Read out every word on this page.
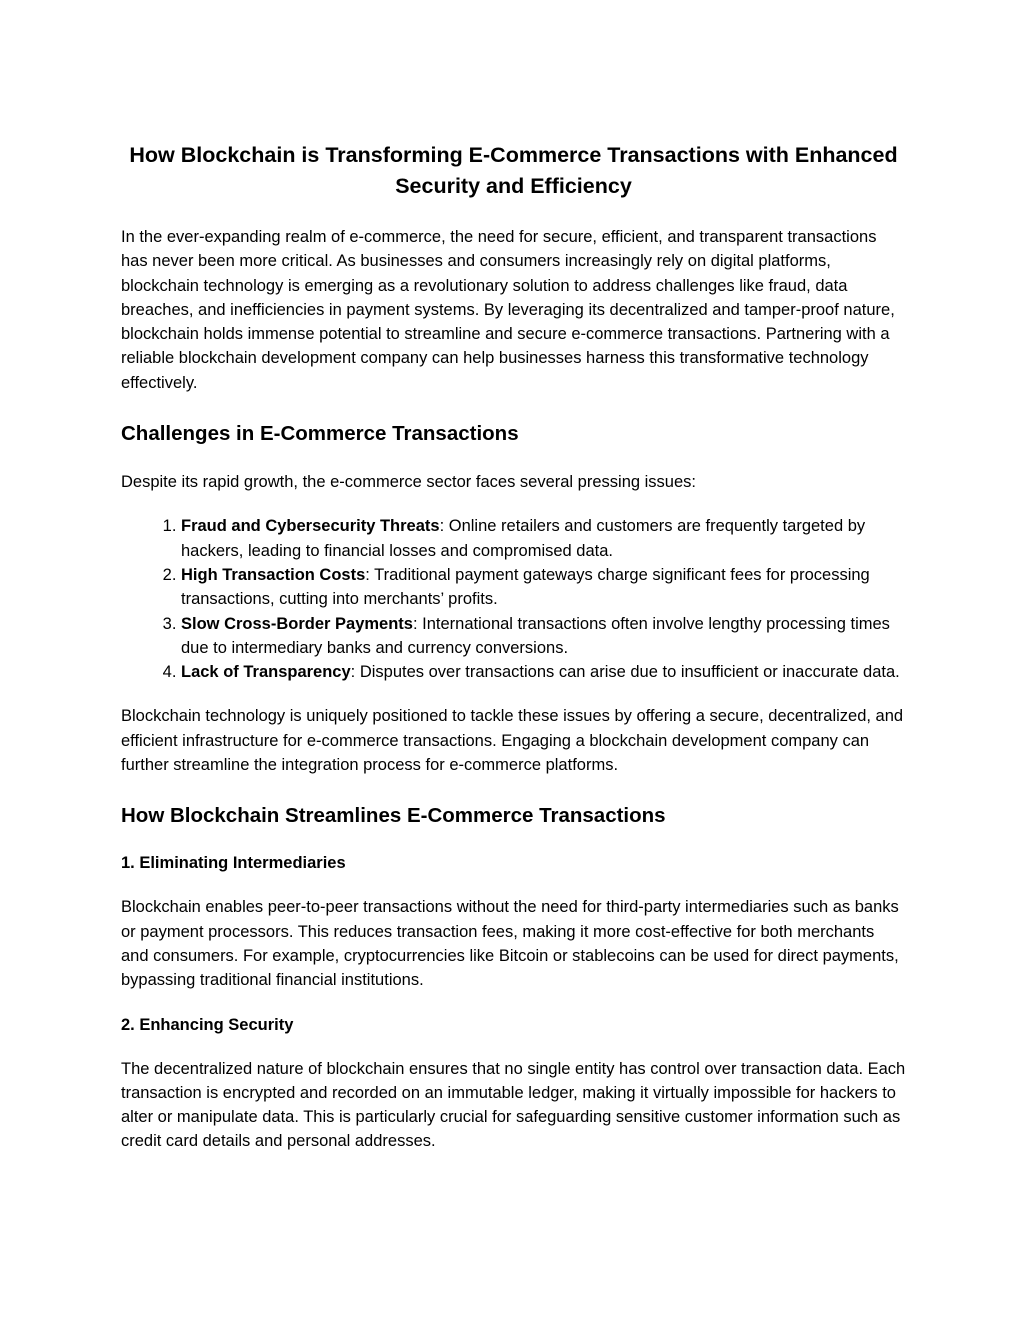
How Blockchain is Transforming E-Commerce Transactions with Enhanced Security and Efficiency

In the ever-expanding realm of e-commerce, the need for secure, efficient, and transparent transactions has never been more critical. As businesses and consumers increasingly rely on digital platforms, blockchain technology is emerging as a revolutionary solution to address challenges like fraud, data breaches, and inefficiencies in payment systems. By leveraging its decentralized and tamper-proof nature, blockchain holds immense potential to streamline and secure e-commerce transactions. Partnering with a reliable blockchain development company can help businesses harness this transformative technology effectively.

Challenges in E-Commerce Transactions

Despite its rapid growth, the e-commerce sector faces several pressing issues:

1. Fraud and Cybersecurity Threats: Online retailers and customers are frequently targeted by hackers, leading to financial losses and compromised data.
2. High Transaction Costs: Traditional payment gateways charge significant fees for processing transactions, cutting into merchants’ profits.
3. Slow Cross-Border Payments: International transactions often involve lengthy processing times due to intermediary banks and currency conversions.
4. Lack of Transparency: Disputes over transactions can arise due to insufficient or inaccurate data.

Blockchain technology is uniquely positioned to tackle these issues by offering a secure, decentralized, and efficient infrastructure for e-commerce transactions. Engaging a blockchain development company can further streamline the integration process for e-commerce platforms.

How Blockchain Streamlines E-Commerce Transactions
1. Eliminating Intermediaries

Blockchain enables peer-to-peer transactions without the need for third-party intermediaries such as banks or payment processors. This reduces transaction fees, making it more cost-effective for both merchants and consumers. For example, cryptocurrencies like Bitcoin or stablecoins can be used for direct payments, bypassing traditional financial institutions.

2. Enhancing Security

The decentralized nature of blockchain ensures that no single entity has control over transaction data. Each transaction is encrypted and recorded on an immutable ledger, making it virtually impossible for hackers to alter or manipulate data. This is particularly crucial for safeguarding sensitive customer information such as credit card details and personal addresses.
